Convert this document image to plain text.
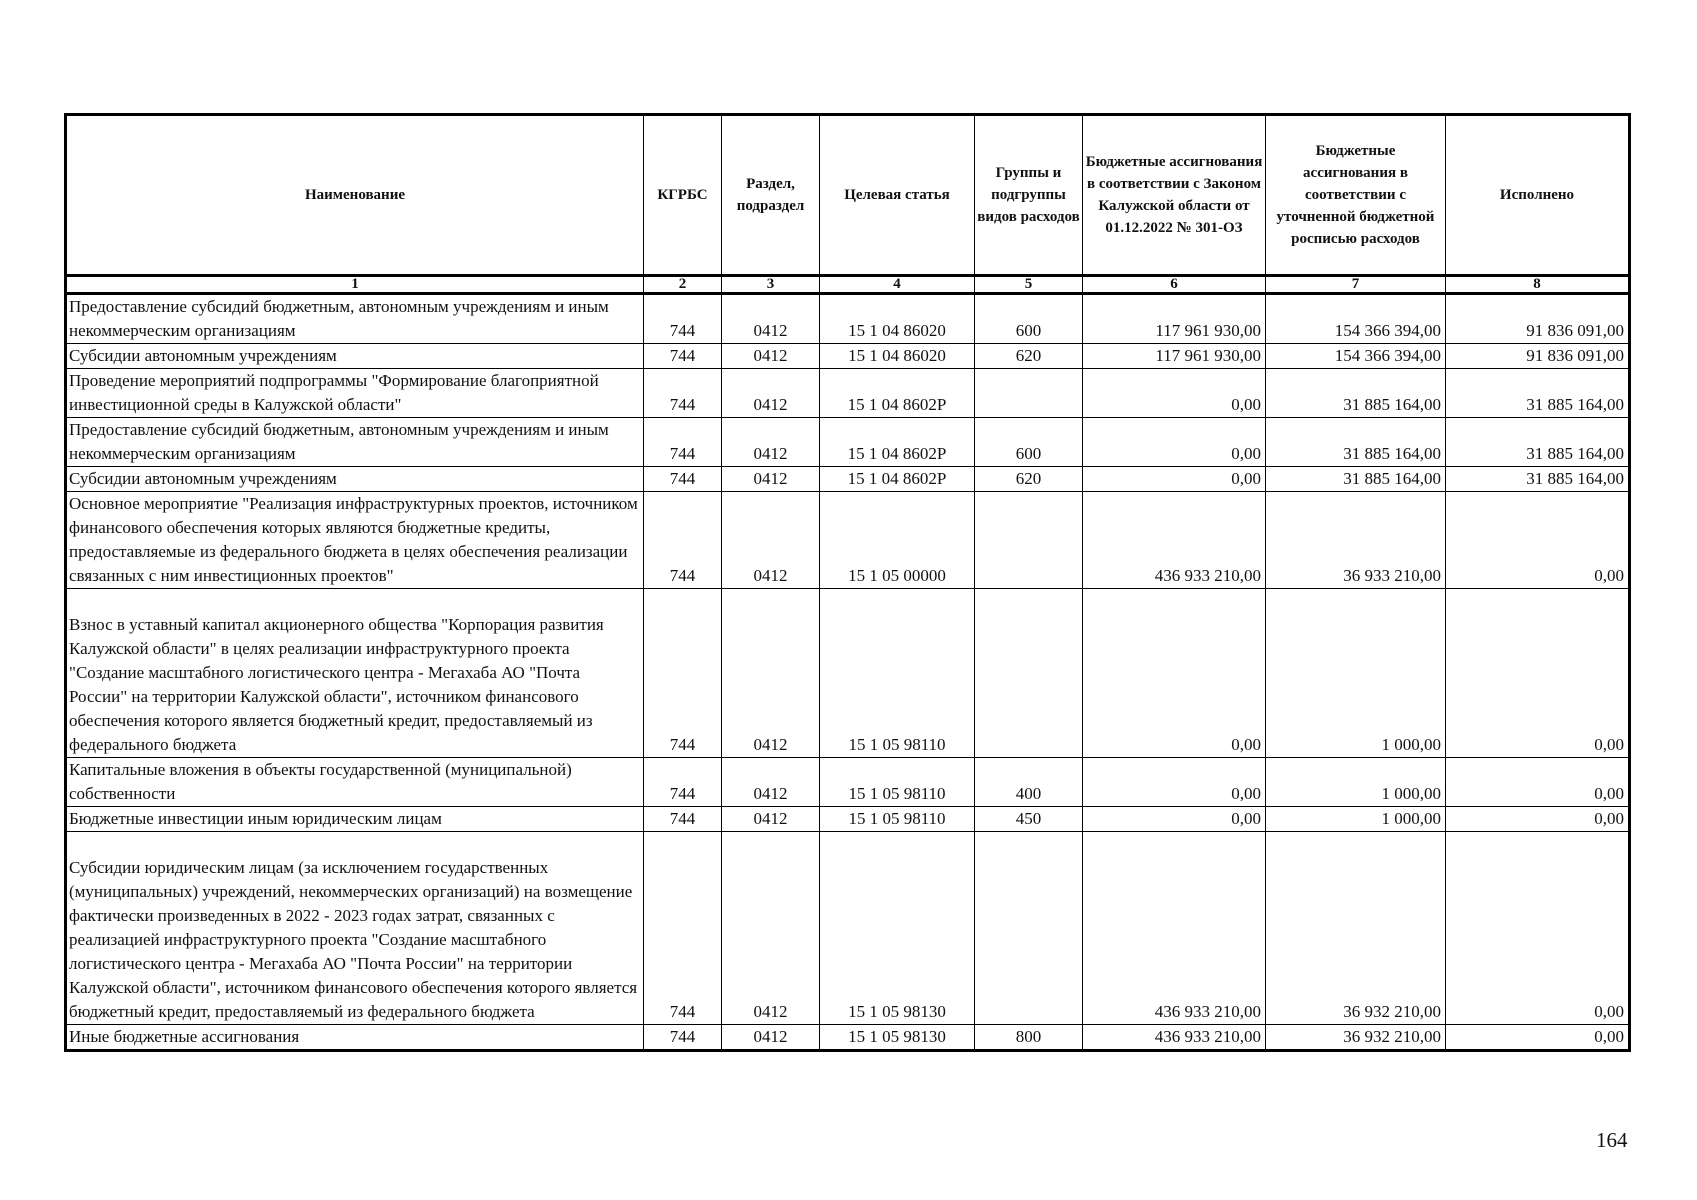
Наименование	КГРБС	Раздел, подраздел	Целевая статья	Группы и подгруппы видов расходов	Бюджетные ассигнования в соответствии с Законом Калужской области от 01.12.2022 № 301-ОЗ	Бюджетные ассигнования в соответствии с уточненной бюджетной росписью расходов	Исполнено
1	2	3	4	5	6	7	8
Предоставление субсидий бюджетным, автономным учреждениям и иным некоммерческим организациям	744	0412	15 1 04 86020	600	117 961 930,00	154 366 394,00	91 836 091,00
Субсидии автономным учреждениям	744	0412	15 1 04 86020	620	117 961 930,00	154 366 394,00	91 836 091,00
Проведение мероприятий подпрограммы "Формирование благоприятной инвестиционной среды в Калужской области"	744	0412	15 1 04 8602Р		0,00	31 885 164,00	31 885 164,00
Предоставление субсидий бюджетным, автономным учреждениям и иным некоммерческим организациям	744	0412	15 1 04 8602Р	600	0,00	31 885 164,00	31 885 164,00
Субсидии автономным учреждениям	744	0412	15 1 04 8602Р	620	0,00	31 885 164,00	31 885 164,00
Основное мероприятие "Реализация инфраструктурных проектов, источником финансового обеспечения которых являются бюджетные кредиты, предоставляемые из федерального бюджета в целях обеспечения реализации связанных с ним инвестиционных проектов"	744	0412	15 1 05 00000		436 933 210,00	36 933 210,00	0,00
Взнос в уставный капитал акционерного общества "Корпорация развития Калужской области" в целях реализации инфраструктурного проекта "Создание масштабного логистического центра - Мегахаба АО "Почта России" на территории Калужской области", источником финансового обеспечения которого является бюджетный кредит, предоставляемый из федерального бюджета	744	0412	15 1 05 98110		0,00	1 000,00	0,00
Капитальные вложения в объекты государственной (муниципальной) собственности	744	0412	15 1 05 98110	400	0,00	1 000,00	0,00
Бюджетные инвестиции иным юридическим лицам	744	0412	15 1 05 98110	450	0,00	1 000,00	0,00
Субсидии юридическим лицам (за исключением государственных (муниципальных) учреждений, некоммерческих организаций) на возмещение фактически произведенных в 2022 - 2023 годах затрат, связанных с реализацией инфраструктурного проекта "Создание масштабного логистического центра - Мегахаба АО "Почта России" на территории Калужской области", источником финансового обеспечения которого является бюджетный кредит, предоставляемый из федерального бюджета	744	0412	15 1 05 98130		436 933 210,00	36 932 210,00	0,00
Иные бюджетные ассигнования	744	0412	15 1 05 98130	800	436 933 210,00	36 932 210,00	0,00
164
